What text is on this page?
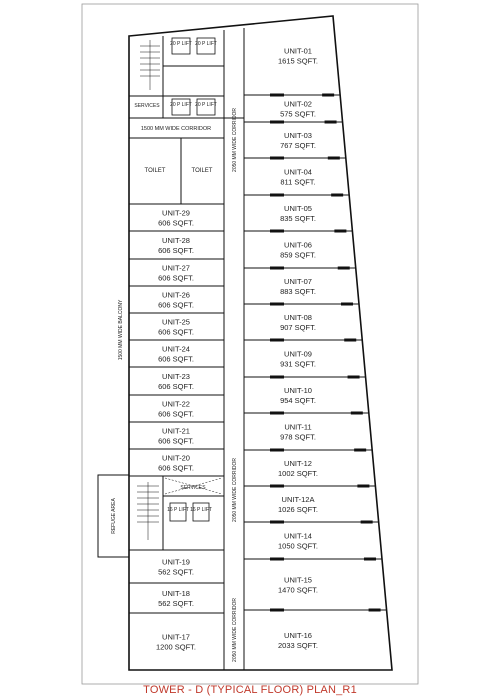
20 P LIFT 20 P LIFT
20 P LIFT 20 P LIFT
16 P LIFT 16 P LIFT
SERVICES
SERVICES
1500 MM WIDE CORRIDOR
TOILET	TOILET	2050 MM WIDE CORRIDOR
2050 MM WIDE CORRIDOR
2050 MM WIDE CORRIDOR
1500 MM WIDE BALCONY
REFUGE AREA
UNIT-29
606 SQFT.
UNIT-28
606 SQFT.
UNIT-27
606 SQFT.
UNIT-26
606 SQFT.
UNIT-25
606 SQFT.
UNIT-24
606 SQFT.
UNIT-23
606 SQFT.
UNIT-22
606 SQFT.
UNIT-21
606 SQFT.
UNIT-20
606 SQFT.
UNIT-19
562 SQFT.
UNIT-18
562 SQFT.
UNIT-17
1200 SQFT.
UNIT-01
1615 SQFT.
UNIT-02
575 SQFT.
UNIT-03
767 SQFT.
UNIT-04
811 SQFT.
UNIT-05
835 SQFT.
UNIT-06
859 SQFT.
UNIT-07
883 SQFT.
UNIT-08
907 SQFT.
UNIT-09
931 SQFT.
UNIT-10
954 SQFT.
UNIT-11
978 SQFT.
UNIT-12
1002 SQFT.
UNIT-12A
1026 SQFT.
UNIT-14
1050 SQFT.
UNIT-15
1470 SQFT.
UNIT-16
2033 SQFT.
TOWER - D (TYPICAL FLOOR) PLAN_R1
